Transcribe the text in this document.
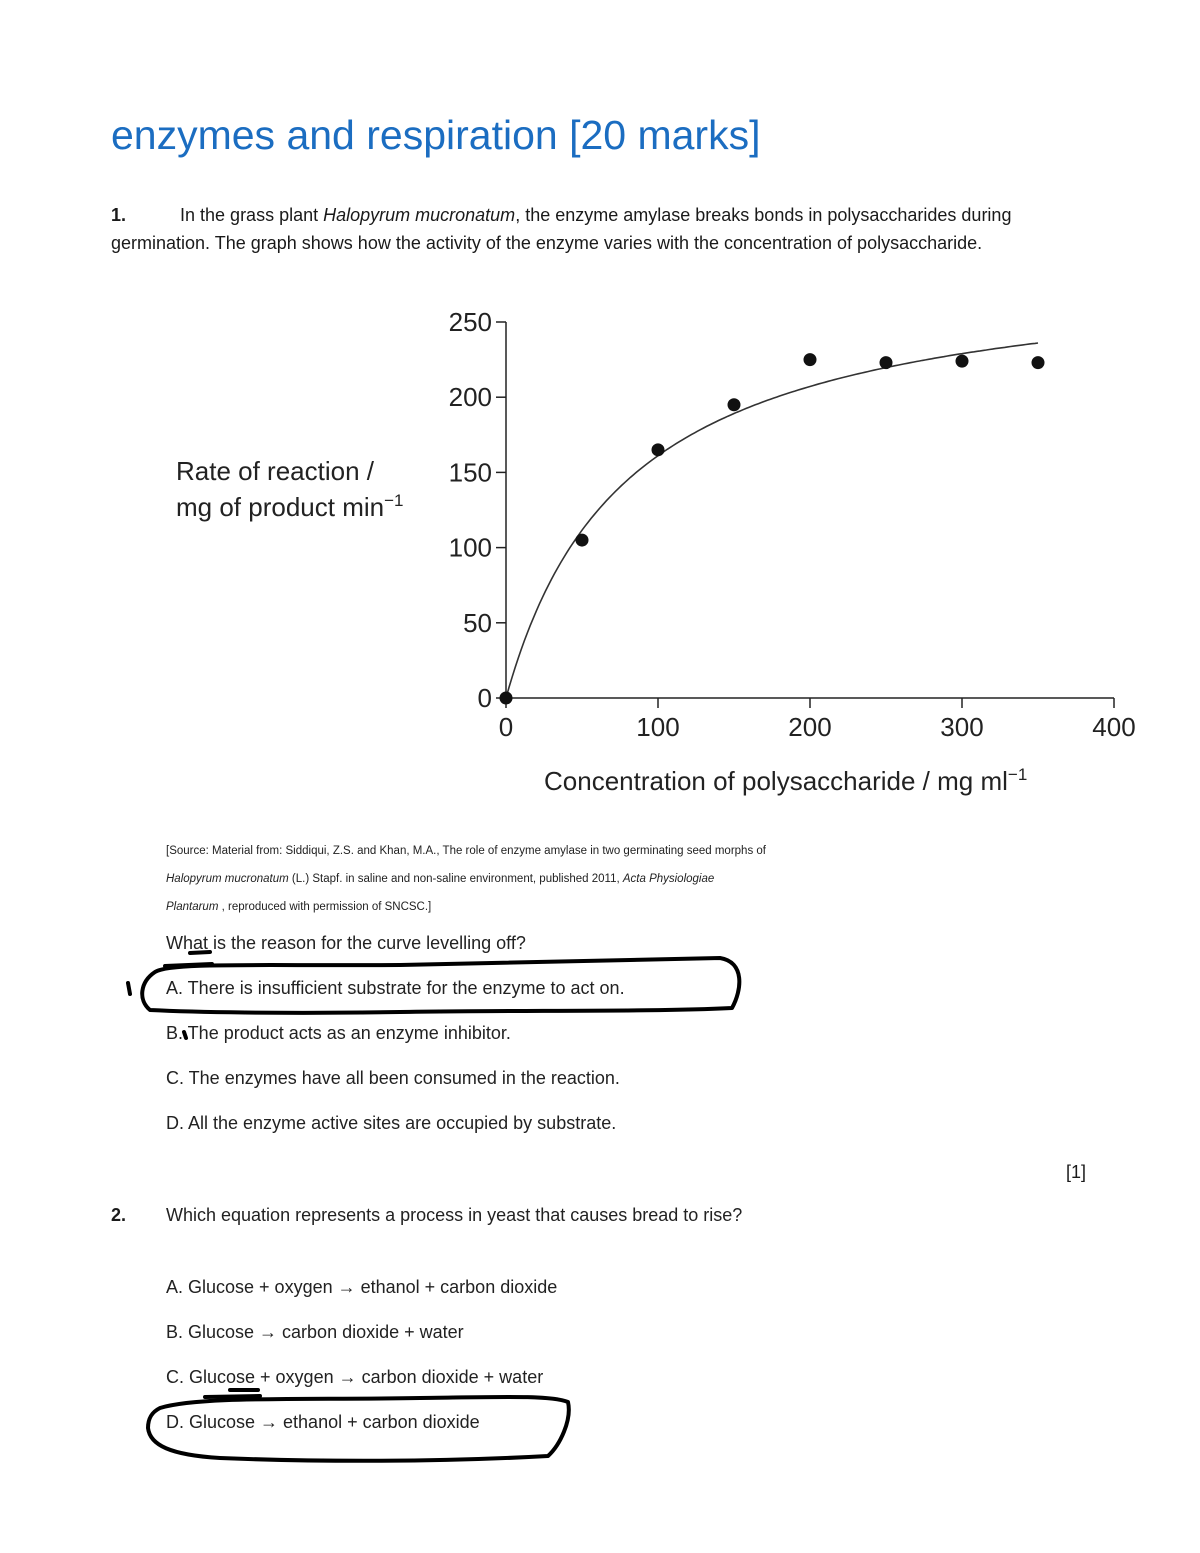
enzymes and respiration [20 marks]
1.	In the grass plant Halopyrum mucronatum, the enzyme amylase breaks bonds in polysaccharides during germination. The graph shows how the activity of the enzyme varies with the concentration of polysaccharide.
0	100	200	300	400
0
50
100
150
200
250
Rate of reaction /
mg of product $\min^{-1}$
Concentration of polysaccharide / mg $ml^{-1}$
[Source: Material from: Siddiqui, Z.S. and Khan, M.A., The role of enzyme amylase in two germinating seed morphs of
Halopyrum mucronatum (L.) Stapf. in saline and non-saline environment, published 2011, Acta Physiologiae
Plantarum , reproduced with permission of SNCSC.]
What is the reason for the curve levelling off?
A. There is insufficient substrate for the enzyme to act on.
B. The product acts as an enzyme inhibitor.
C. The enzymes have all been consumed in the reaction.
D. All the enzyme active sites are occupied by substrate.
[1]
2. Which equation represents a process in yeast that causes bread to rise?
A. Glucose + oxygen → ethanol + carbon dioxide
B. Glucose → carbon dioxide + water
C. Glucose + oxygen → carbon dioxide + water
D. Glucose → ethanol + carbon dioxide
